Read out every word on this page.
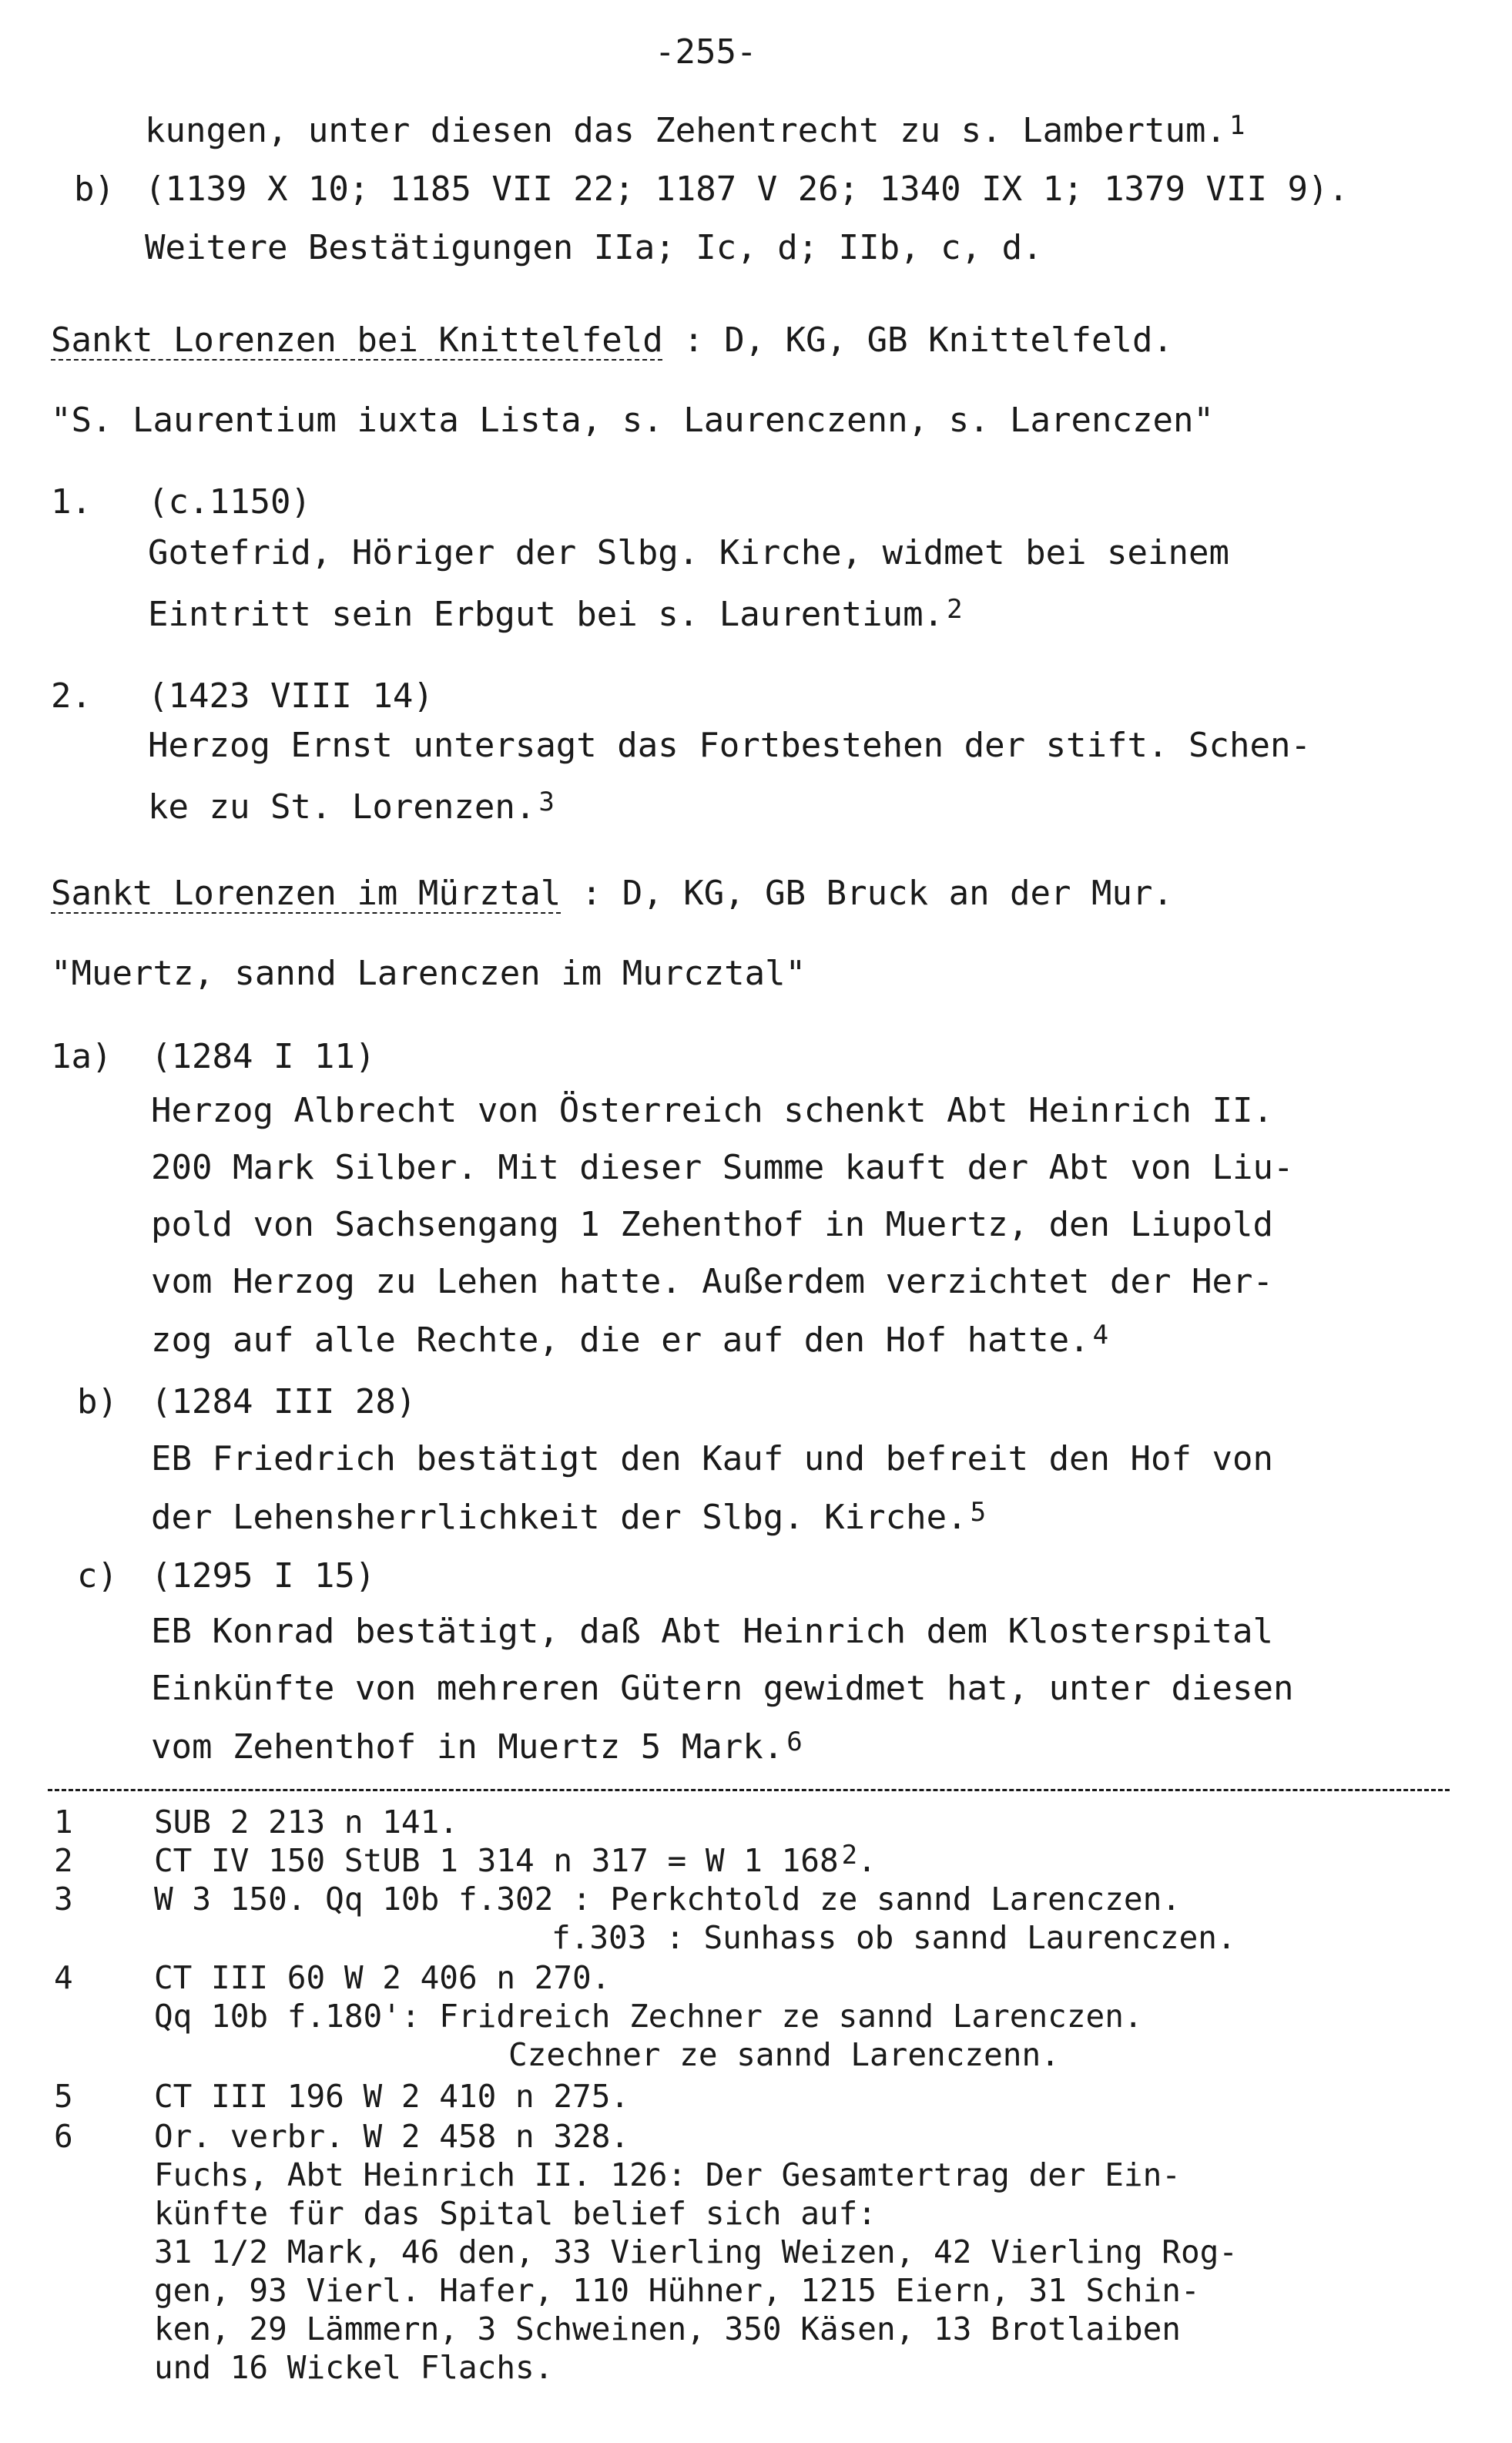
-255-
kungen, unter diesen das Zehentrecht zu s. Lambertum. $^1$
b) (1139 X 10; 1185 VII 22; 1187 V 26; 1340 IX 1; 1379 VII 9).
Weitere Bestätigungen IIa; Ic, d; IIb, c, d.
Sankt Lorenzen bei Knittelfeld : D, KG, GB Knittelfeld.
"S. Laurentium iuxta Lista, s. Laurenczenn, s. Larenczen"
1. (c.1150)
Gotefrid, Höriger der Slbg. Kirche, widmet bei seinem
Eintritt sein Erbgut bei s. Laurentium. $^2$
2. (1423 VIII 14)
Herzog Ernst untersagt das Fortbestehen der stift. Schen-
ke zu St. Lorenzen. $^3$
Sankt Lorenzen im Mürztal : D, KG, GB Bruck an der Mur.
"Muertz, sannd Larenczen im Murcztal"
1a) (1284 I 11)
Herzog Albrecht von Österreich schenkt Abt Heinrich II.
200 Mark Silber. Mit dieser Summe kauft der Abt von Liu-
pold von Sachsengang 1 Zehenthof in Muertz, den Liupold
vom Herzog zu Lehen hatte. Außerdem verzichtet der Her-
zog auf alle Rechte, die er auf den Hof hatte. $^4$
b) (1284 III 28)
EB Friedrich bestätigt den Kauf und befreit den Hof von
der Lehensherrlichkeit der Slbg. Kirche. $^5$
c) (1295 I 15)
EB Konrad bestätigt, daß Abt Heinrich dem Klosterspital
Einkünfte von mehreren Gütern gewidmet hat, unter diesen
vom Zehenthof in Muertz 5 Mark. $^6$
1	SUB 2 213 n 141.
2	CT IV 150 StUB 1 314 n 317 = W 1 168 $^2$.
3	W 3 150. Qq 10b f.302 : Perkchtold ze sannd Larenczen.
f.303 : Sunhass ob sannd Laurenczen.
4	CT III 60 W 2 406 n 270.
Qq 10b f.180': Fridreich Zechner ze sannd Larenczen.
Czechner ze sannd Larenczenn.
5	CT III 196 W 2 410 n 275.
6	Or. verbr. W 2 458 n 328.
Fuchs, Abt Heinrich II. 126: Der Gesamtertrag der Ein-
künfte für das Spital belief sich auf:
31 1/2 Mark, 46 den, 33 Vierling Weizen, 42 Vierling Rog-
gen, 93 Vierl. Hafer, 110 Hühner, 1215 Eiern, 31 Schin-
ken, 29 Lämmern, 3 Schweinen, 350 Käsen, 13 Brotlaiben
und 16 Wickel Flachs.
